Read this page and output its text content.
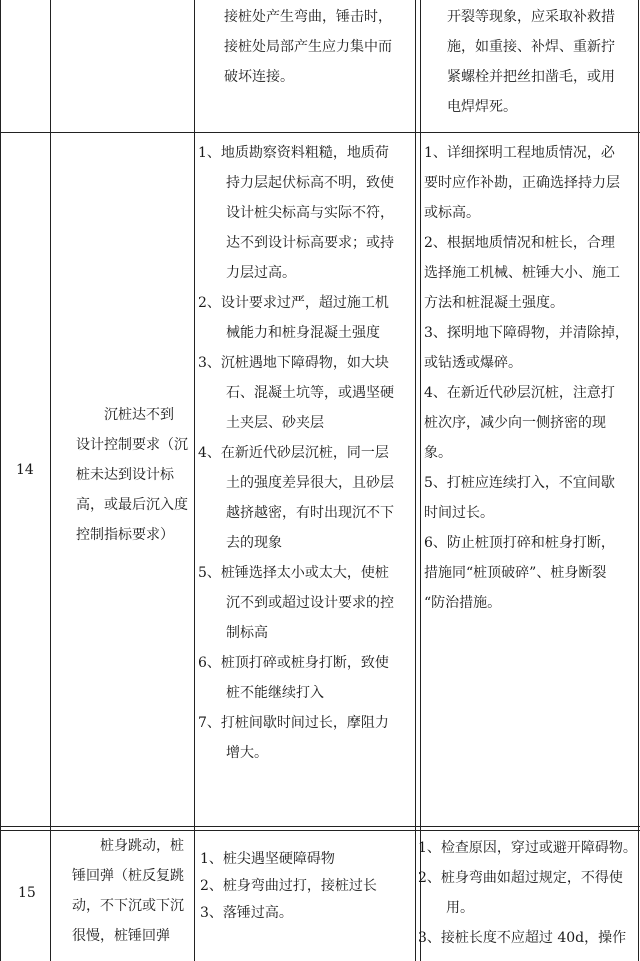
接桩处产生弯曲，锤击时，

接桩处局部产生应力集中而

破坏连接。

开裂等现象，应采取补救措

施，如重接、补焊、重新拧

紧螺栓并把丝扣凿毛，或用

电焊焊死。

14

沉桩达不到

设计控制要求（沉

桩未达到设计标

高，或最后沉入度

控制指标要求）

1、地质勘察资料粗糙，地质荷

持力层起伏标高不明，致使

设计桩尖标高与实际不符，

达不到设计标高要求；或持

力层过高。

2、设计要求过严，超过施工机

械能力和桩身混凝土强度

3、沉桩遇地下障碍物，如大块

石、混凝土坑等，或遇坚硬

土夹层、砂夹层

4、在新近代砂层沉桩，同一层

土的强度差异很大，且砂层

越挤越密，有时出现沉不下

去的现象

5、桩锤选择太小或太大，使桩

沉不到或超过设计要求的控

制标高

6、桩顶打碎或桩身打断，致使

桩不能继续打入

7、打桩间歇时间过长，摩阻力

增大。

1、详细探明工程地质情况，必

要时应作补勘，正确选择持力层

或标高。

2、根据地质情况和桩长，合理

选择施工机械、桩锤大小、施工

方法和桩混凝土强度。

3、探明地下障碍物，并清除掉，

或钻透或爆碎。

4、在新近代砂层沉桩，注意打

桩次序，减少向一侧挤密的现

象。

5、打桩应连续打入，不宜间歇

时间过长。

6、防止桩顶打碎和桩身打断，

措施同“桩顶破碎”、桩身断裂

“防治措施。

15

桩身跳动，桩

锤回弹（桩反复跳

动，不下沉或下沉

很慢，桩锤回弹

1、桩尖遇坚硬障碍物

2、桩身弯曲过打，接桩过长

3、落锤过高。

1、检查原因，穿过或避开障碍物。

2、桩身弯曲如超过规定，不得使

用。

3、接桩长度不应超过 40d，操作
